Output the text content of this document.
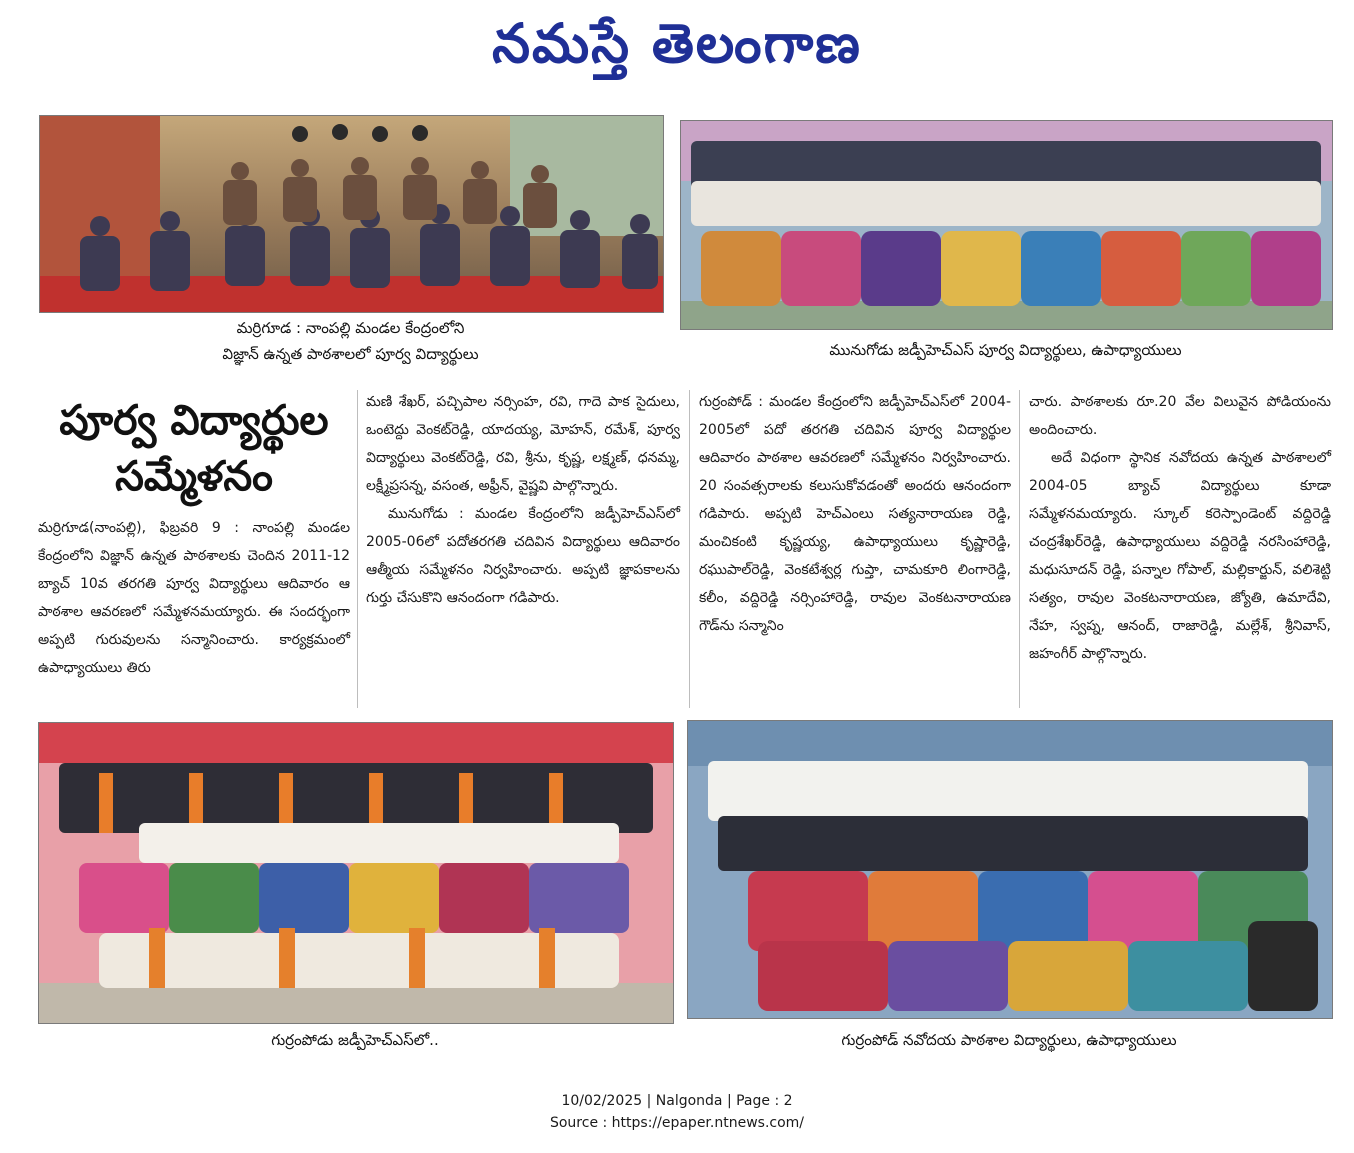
నమస్తే తెలంగాణ
మర్రిగూడ : నాంపల్లి మండల కేంద్రంలోని
విజ్ఞాన్ ఉన్నత పాఠశాలలో పూర్వ విద్యార్థులు	మునుగోడు జడ్పీహెచ్ఎస్ పూర్వ విద్యార్థులు, ఉపాధ్యాయులు
పూర్వ విద్యార్థుల
సమ్మేళనం

మర్రిగూడ(నాంపల్లి), ఫిబ్రవరి 9 : నాంపల్లి మండల కేంద్రంలోని విజ్ఞాన్ ఉన్నత పాఠశాలకు చెందిన 2011-12 బ్యాచ్ 10వ తరగతి పూర్వ విద్యార్థులు ఆదివారం ఆ పాఠశాల ఆవరణలో సమ్మేళనమయ్యారు. ఈ సందర్భంగా అప్పటి గురువులను సన్మానించారు. కార్యక్రమంలో ఉపాధ్యాయులు తిరు

మణి శేఖర్, పచ్చిపాల నర్సింహ, రవి, గాదె పాక సైదులు, ఒంటెద్దు వెంకట్‌రెడ్డి, యాదయ్య, మోహన్, రమేశ్, పూర్వ విద్యార్థులు వెంకట్‌రెడ్డి, రవి, శ్రీను, కృష్ణ, లక్ష్మణ్, ధనమ్మ, లక్ష్మీప్రసన్న, వసంత, అఫ్రీన్, వైష్ణవి పాల్గొన్నారు.

మునుగోడు : మండల కేంద్రంలోని జడ్పీహెచ్ఎస్‌లో 2005-06లో పదోతరగతి చదివిన విద్యార్థులు ఆదివారం ఆత్మీయ సమ్మేళనం నిర్వహించారు. అప్పటి జ్ఞాపకాలను గుర్తు చేసుకొని ఆనందంగా గడిపారు.

గుర్రంపోడ్ : మండల కేంద్రంలోని జడ్పీహెచ్ఎస్‌లో 2004-2005లో పదో తరగతి చదివిన పూర్వ విద్యార్థుల ఆదివారం పాఠశాల ఆవరణలో సమ్మేళనం నిర్వహించారు. 20 సంవత్సరాలకు కలుసుకోవడంతో అందరు ఆనందంగా గడిపారు. అప్పటి హెచ్ఎంలు సత్యనారాయణ రెడ్డి, మంచికంటి కృష్ణయ్య, ఉపాధ్యాయులు కృష్ణారెడ్డి, రఘుపాల్‌రెడ్డి, వెంకటేశ్వర్ల గుప్తా, చామకూరి లింగారెడ్డి, కలీం, వద్దిరెడ్డి నర్సింహారెడ్డి, రావుల వెంకటనారాయణ గౌడ్‌ను సన్మానిం

చారు. పాఠశాలకు రూ.20 వేల విలువైన పోడియంను అందించారు.

అదే విధంగా స్థానిక నవోదయ ఉన్నత పాఠశాలలో 2004-05 బ్యాచ్ విద్యార్థులు కూడా సమ్మేళనమయ్యారు. స్కూల్ కరెస్పాండెంట్ వద్దిరెడ్డి చంద్రశేఖర్‌రెడ్డి, ఉపాధ్యాయులు వద్దిరెడ్డి నరసింహారెడ్డి, మధుసూదన్ రెడ్డి, పన్నాల గోపాల్, మల్లికార్జున్, వలిశెట్టి సత్యం, రావుల వెంకటనారాయణ, జ్యోతి, ఉమాదేవి, నేహ, స్వప్న, ఆనంద్, రాజారెడ్డి, మల్లేశ్, శ్రీనివాస్, జహంగీర్ పాల్గొన్నారు.

గుర్రంపోడు జడ్పీహెచ్ఎస్‌లో..	గుర్రంపోడ్ నవోదయ పాఠశాల విద్యార్థులు, ఉపాధ్యాయులు
10/02/2025 | Nalgonda | Page : 2
Source : https://epaper.ntnews.com/
